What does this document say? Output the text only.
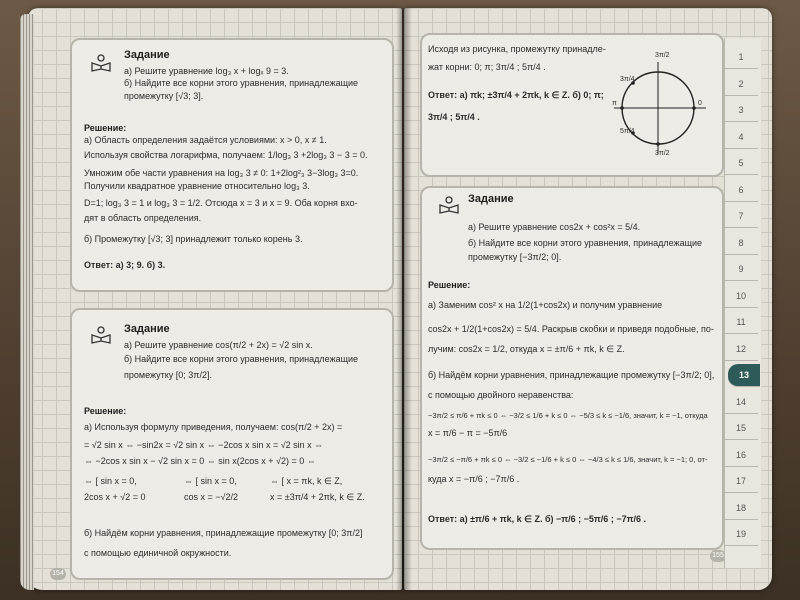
Задание
а) Решите уравнение log₃ x + logₓ 9 = 3.
б) Найдите все корни этого уравнения, принадлежащие
промежутку [√3; 3].
Решение:
а) Область определения задаётся условиями: x > 0, x ≠ 1.
Используя свойства логарифма, получаем: 1/log₃ 3 +2log₃ 3 − 3 = 0.
Умножим обе части уравнения на log₃ 3 ≠ 0: 1+2log²₃ 3−3log₃ 3=0.
Получили квадратное уравнение относительно log₃ 3.
D=1; log₃ 3 = 1 и log₃ 3 = 1/2. Отсюда x = 3 и x = 9. Оба корня вхо-
дят в область определения.
б) Промежутку [√3; 3] принадлежит только корень 3.
Ответ: а) 3; 9. б) 3.
Задание
а) Решите уравнение cos(π/2 + 2x) = √2 sin x.
б) Найдите все корни этого уравнения, принадлежащие
промежутку [0; 3π/2].
Решение:
а) Используя формулу приведения, получаем: cos(π/2 + 2x) =
= √2 sin x ⇔ −sin2x = √2 sin x ⇔ −2cos x sin x = √2 sin x ⇔
⇔ −2cos x sin x − √2 sin x = 0 ⇔ sin x(2cos x + √2) = 0 ⇔
⇔ [ sin x = 0,
2cos x + √2 = 0
⇔ [ sin x = 0,
cos x = −√2/2
⇔ [ x = πk, k ∈ Z,
x = ±3π/4 + 2πk, k ∈ Z.
б) Найдём корни уравнения, принадлежащие промежутку [0; 3π/2]
с помощью единичной окружности.
154
Исходя из рисунка, промежутку принадле-
жат корни: 0; π; 3π/4 ; 5π/4 .
Ответ: а) πk; ±3π/4 + 2πk, k ∈ Z. б) 0; π;
3π/4 ; 5π/4 .
3π/2
3π/4
π	0
5π/4
3π/2
Задание
а) Решите уравнение cos2x + cos²x = 5/4.
б) Найдите все корни этого уравнения, принадлежащие
промежутку [−3π/2; 0].
Решение:
а) Заменим cos² x на 1/2(1+cos2x) и получим уравнение
cos2x + 1/2(1+cos2x) = 5/4. Раскрыв скобки и приведя подобные, по-
лучим: cos2x = 1/2, откуда x = ±π/6 + πk, k ∈ Z.
б) Найдём корни уравнения, принадлежащие промежутку [−3π/2; 0],
с помощью двойного неравенства:
−3π/2 ≤ π/6 + πk ≤ 0 ⇔ −3/2 ≤ 1/6 + k ≤ 0 ⇔ −5/3 ≤ k ≤ −1/6, значит, k = −1, откуда
x = π/6 − π = −5π/6
−3π/2 ≤ −π/6 + πk ≤ 0 ⇔ −3/2 ≤ −1/6 + k ≤ 0 ⇔ −4/3 ≤ k ≤ 1/6, значит, k = −1; 0, от-
куда x = −π/6 ; −7π/6 .
Ответ: а) ±π/6 + πk, k ∈ Z. б) −π/6 ; −5π/6 ; −7π/6 .
155
1
2
3
4
5
6
7
8
9
10
11
12
13
14
15
16
17
18
19
